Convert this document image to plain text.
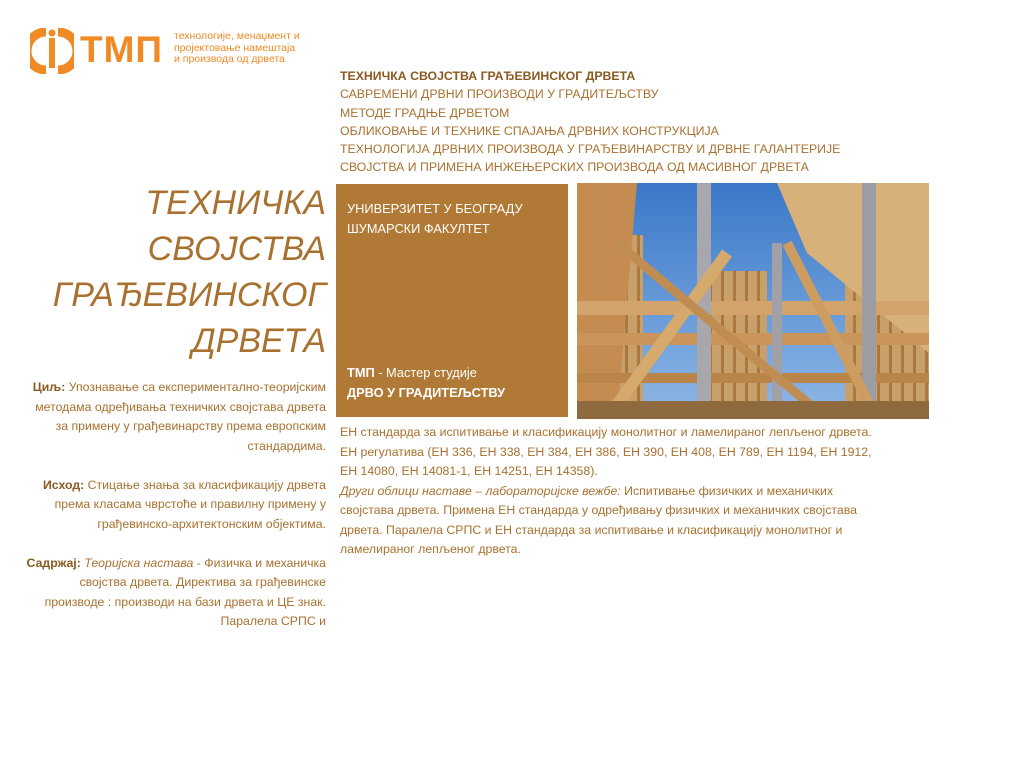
ТМП технологије, менаџмент и
пројектовање намештаја
и производа од дрвета
ТЕХНИЧКА СВОЈСТВА ГРАЂЕВИНСКОГ ДРВЕТА
САВРЕМЕНИ ДРВНИ ПРОИЗВОДИ У ГРАДИТЕЉСТВУ
МЕТОДЕ ГРАДЊЕ ДРВЕТОМ
ОБЛИКОВАЊЕ И ТЕХНИКЕ СПАЈАЊА ДРВНИХ КОНСТРУКЦИЈА
ТЕХНОЛОГИЈА ДРВНИХ ПРОИЗВОДА У ГРАЂЕВИНАРСТВУ И ДРВНЕ ГАЛАНТЕРИЈЕ
СВОЈСТВА И ПРИМЕНА ИНЖЕЊЕРСКИХ ПРОИЗВОДА ОД МАСИВНОГ ДРВЕТА
ТЕХНИЧКА
СВОЈСТВА
ГРАЂЕВИНСКОГ
ДРВЕТА

Циљ: Упознавање са експериментално-теоријским методама одређивања техничких својстава дрвета за примену у грађевинарству према европским стандардима.

Исход: Стицање знања за класификацију дрвета према класама чврстоће и правилну примену у грађевинско-архитектонским објектима.

Садржај: Теоријска настава - Физичка и механичка својства дрвета. Директива за грађевинске производе : производи на бази дрвета и ЦЕ знак. Паралела СРПС и

УНИВЕРЗИТЕТ У БЕОГРАДУ
ШУМАРСКИ ФАКУЛТЕТ
ТМП - Мастер студије
ДРВО У ГРАДИТЕЉСТВУ

ЕН стандарда за испитивање и класификацију монолитног и ламелираног лепљеног дрвета. ЕН регулатива (ЕН 336, ЕН 338, ЕН 384, ЕН 386, ЕН 390, ЕН 408, ЕН 789, ЕН 1194, ЕН 1912, ЕН 14080, ЕН 14081-1, ЕН 14251, ЕН 14358).
Други облици наставе – лабораторијске вежбе: Испитивање физичких и механичких својстава дрвета. Примена ЕН стандарда у одређивању физичких и механичких својстава дрвета. Паралела СРПС и ЕН стандарда за испитивање и класификацију монолитног и ламелираног лепљеног дрвета.
